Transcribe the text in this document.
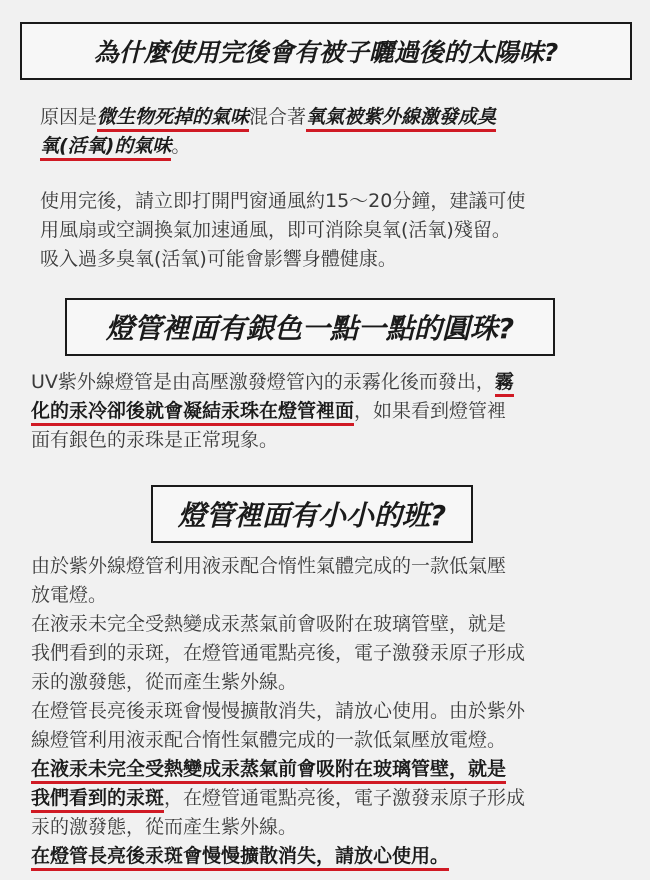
為什麼使用完後會有被子曬過後的太陽味?
原因是微生物死掉的氣味混合著氧氣被紫外線激發成臭
氧(活氧)的氣味。
使用完後，請立即打開門窗通風約15～20分鐘，建議可使
用風扇或空調換氣加速通風，即可消除臭氧(活氧)殘留。
吸入過多臭氧(活氧)可能會影響身體健康。
燈管裡面有銀色一點一點的圓珠?
UV紫外線燈管是由高壓激發燈管內的汞霧化後而發出，霧
化的汞冷卻後就會凝結汞珠在燈管裡面，如果看到燈管裡
面有銀色的汞珠是正常現象。
燈管裡面有小小的班?
由於紫外線燈管利用液汞配合惰性氣體完成的一款低氣壓
放電燈。
在液汞未完全受熱變成汞蒸氣前會吸附在玻璃管壁，就是
我們看到的汞斑，在燈管通電點亮後，電子激發汞原子形成
汞的激發態，從而產生紫外線。
在燈管長亮後汞斑會慢慢擴散消失，請放心使用。由於紫外
線燈管利用液汞配合惰性氣體完成的一款低氣壓放電燈。
在液汞未完全受熱變成汞蒸氣前會吸附在玻璃管壁，就是
我們看到的汞斑，在燈管通電點亮後，電子激發汞原子形成
汞的激發態，從而產生紫外線。
在燈管長亮後汞斑會慢慢擴散消失，請放心使用。
